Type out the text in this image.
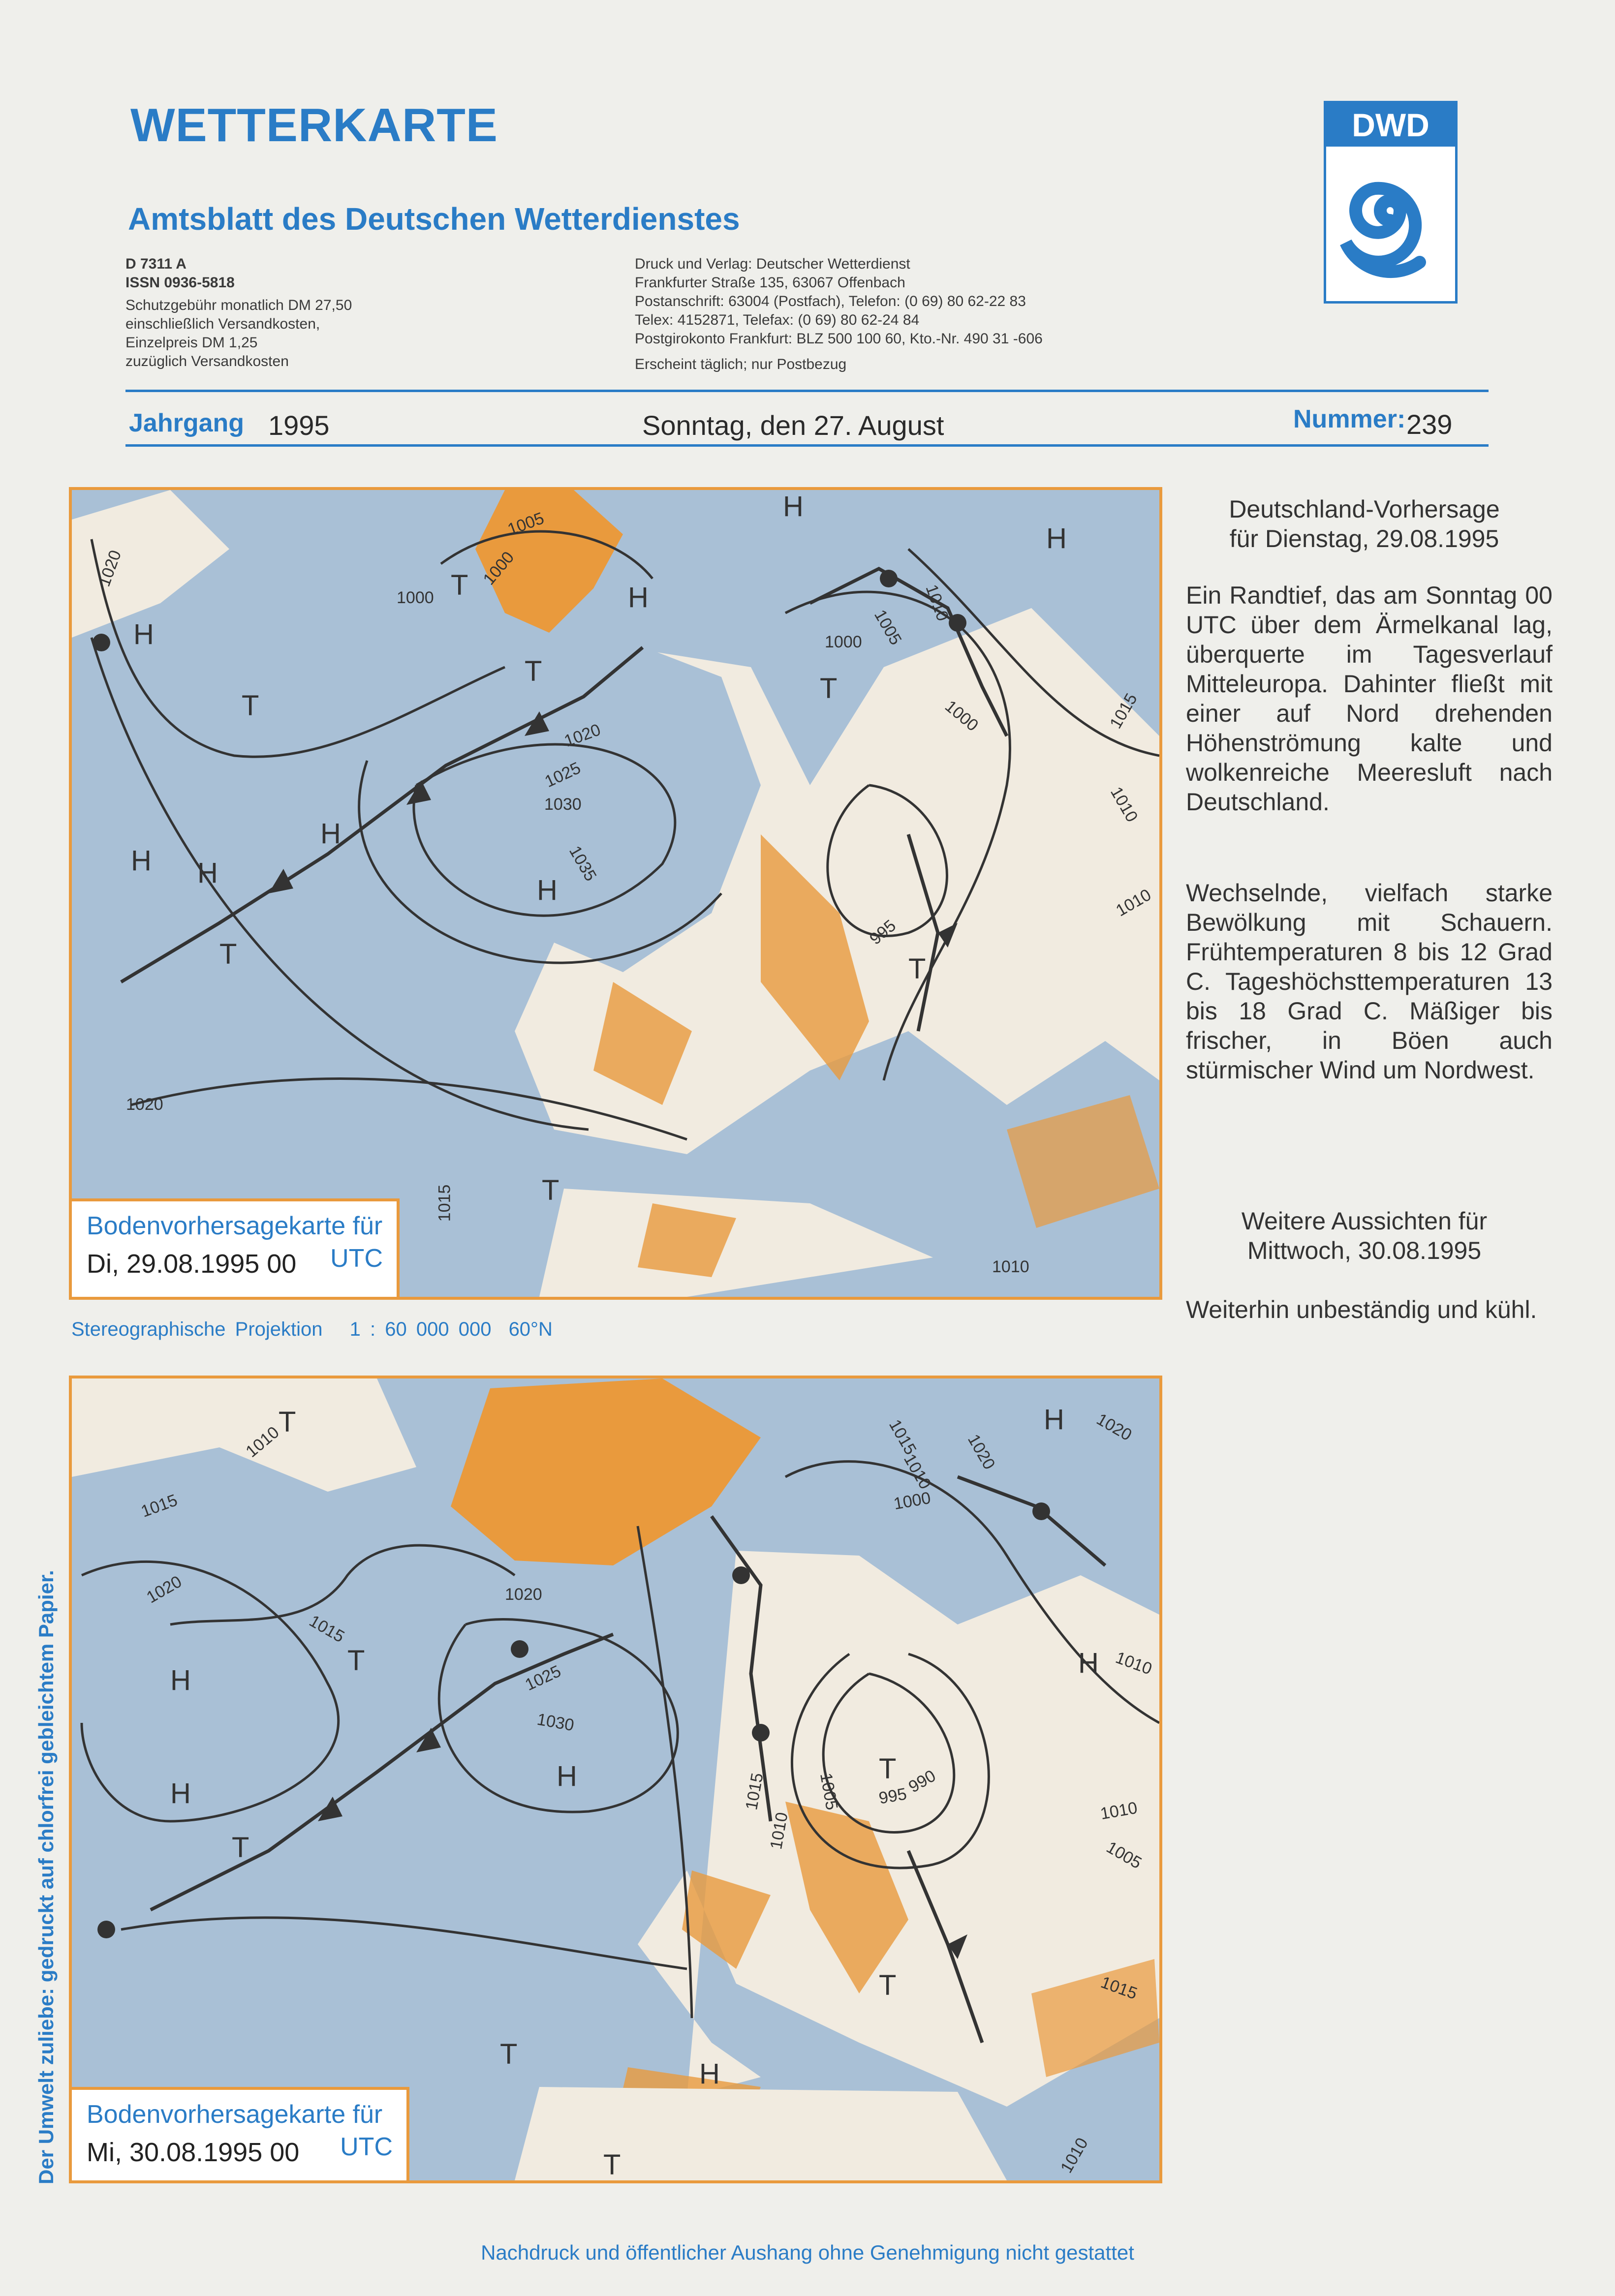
WETTERKARTE
Amtsblatt des Deutschen Wetterdienstes
DWD
D 7311 A
ISSN 0936-5818
Schutzgebühr monatlich DM 27,50
einschließlich Versandkosten,
Einzelpreis DM 1,25
zuzüglich Versandkosten
Druck und Verlag: Deutscher Wetterdienst
Frankfurter Straße 135, 63067 Offenbach
Postanschrift: 63004 (Postfach), Telefon: (0 69) 80 62-22 83
Telex: 4152871, Telefax: (0 69) 80 62-24 84
Postgirokonto Frankfurt: BLZ 500 100 60, Kto.-Nr. 490 31 -606
Erscheint täglich; nur Postbezug
Jahrgang 1995	Sonntag, den 27. August	Nummer: 239
1020
1005
1000
1000
1020
1025
1030
1035
1000 1005
1010
1000	1015
1010
995
1010
1020
1015
1010
H
H H
H
H
H
H
H
T
T
T
T
T
T
T
Bodenvorhersagekarte für
Di, 29.08.1995 00 UTC
Stereographische Projektion 1 : 60 000 000 60°N
1010
1015
1020
1015
1020
1025
1030
1015
1010
1005
1000
995
990
1020
1010
1015
1010
1005
1010
1020
1015
1010
H
H
H
H
H
H
T
T
T
T
T
T
T
Bodenvorhersagekarte für
Mi, 30.08.1995 00 UTC
Deutschland-Vorhersage
für Dienstag, 29.08.1995
Ein Randtief, das am Sonntag 00 UTC über dem Ärmelkanal lag, überquerte im Tagesverlauf Mitteleuropa. Dahinter fließt mit einer auf Nord drehenden Höhenströmung kalte und wolkenreiche Meeresluft nach Deutschland.
Wechselnde, vielfach starke Bewölkung mit Schauern. Frühtemperaturen 8 bis 12 Grad C. Tageshöchsttemperaturen 13 bis 18 Grad C. Mäßiger bis frischer, in Böen auch stürmischer Wind um Nordwest.
Weitere Aussichten für
Mittwoch, 30.08.1995
Weiterhin unbeständig und kühl.
Der Umwelt zuliebe: gedruckt auf chlorfrei gebleichtem Papier.
Nachdruck und öffentlicher Aushang ohne Genehmigung nicht gestattet
